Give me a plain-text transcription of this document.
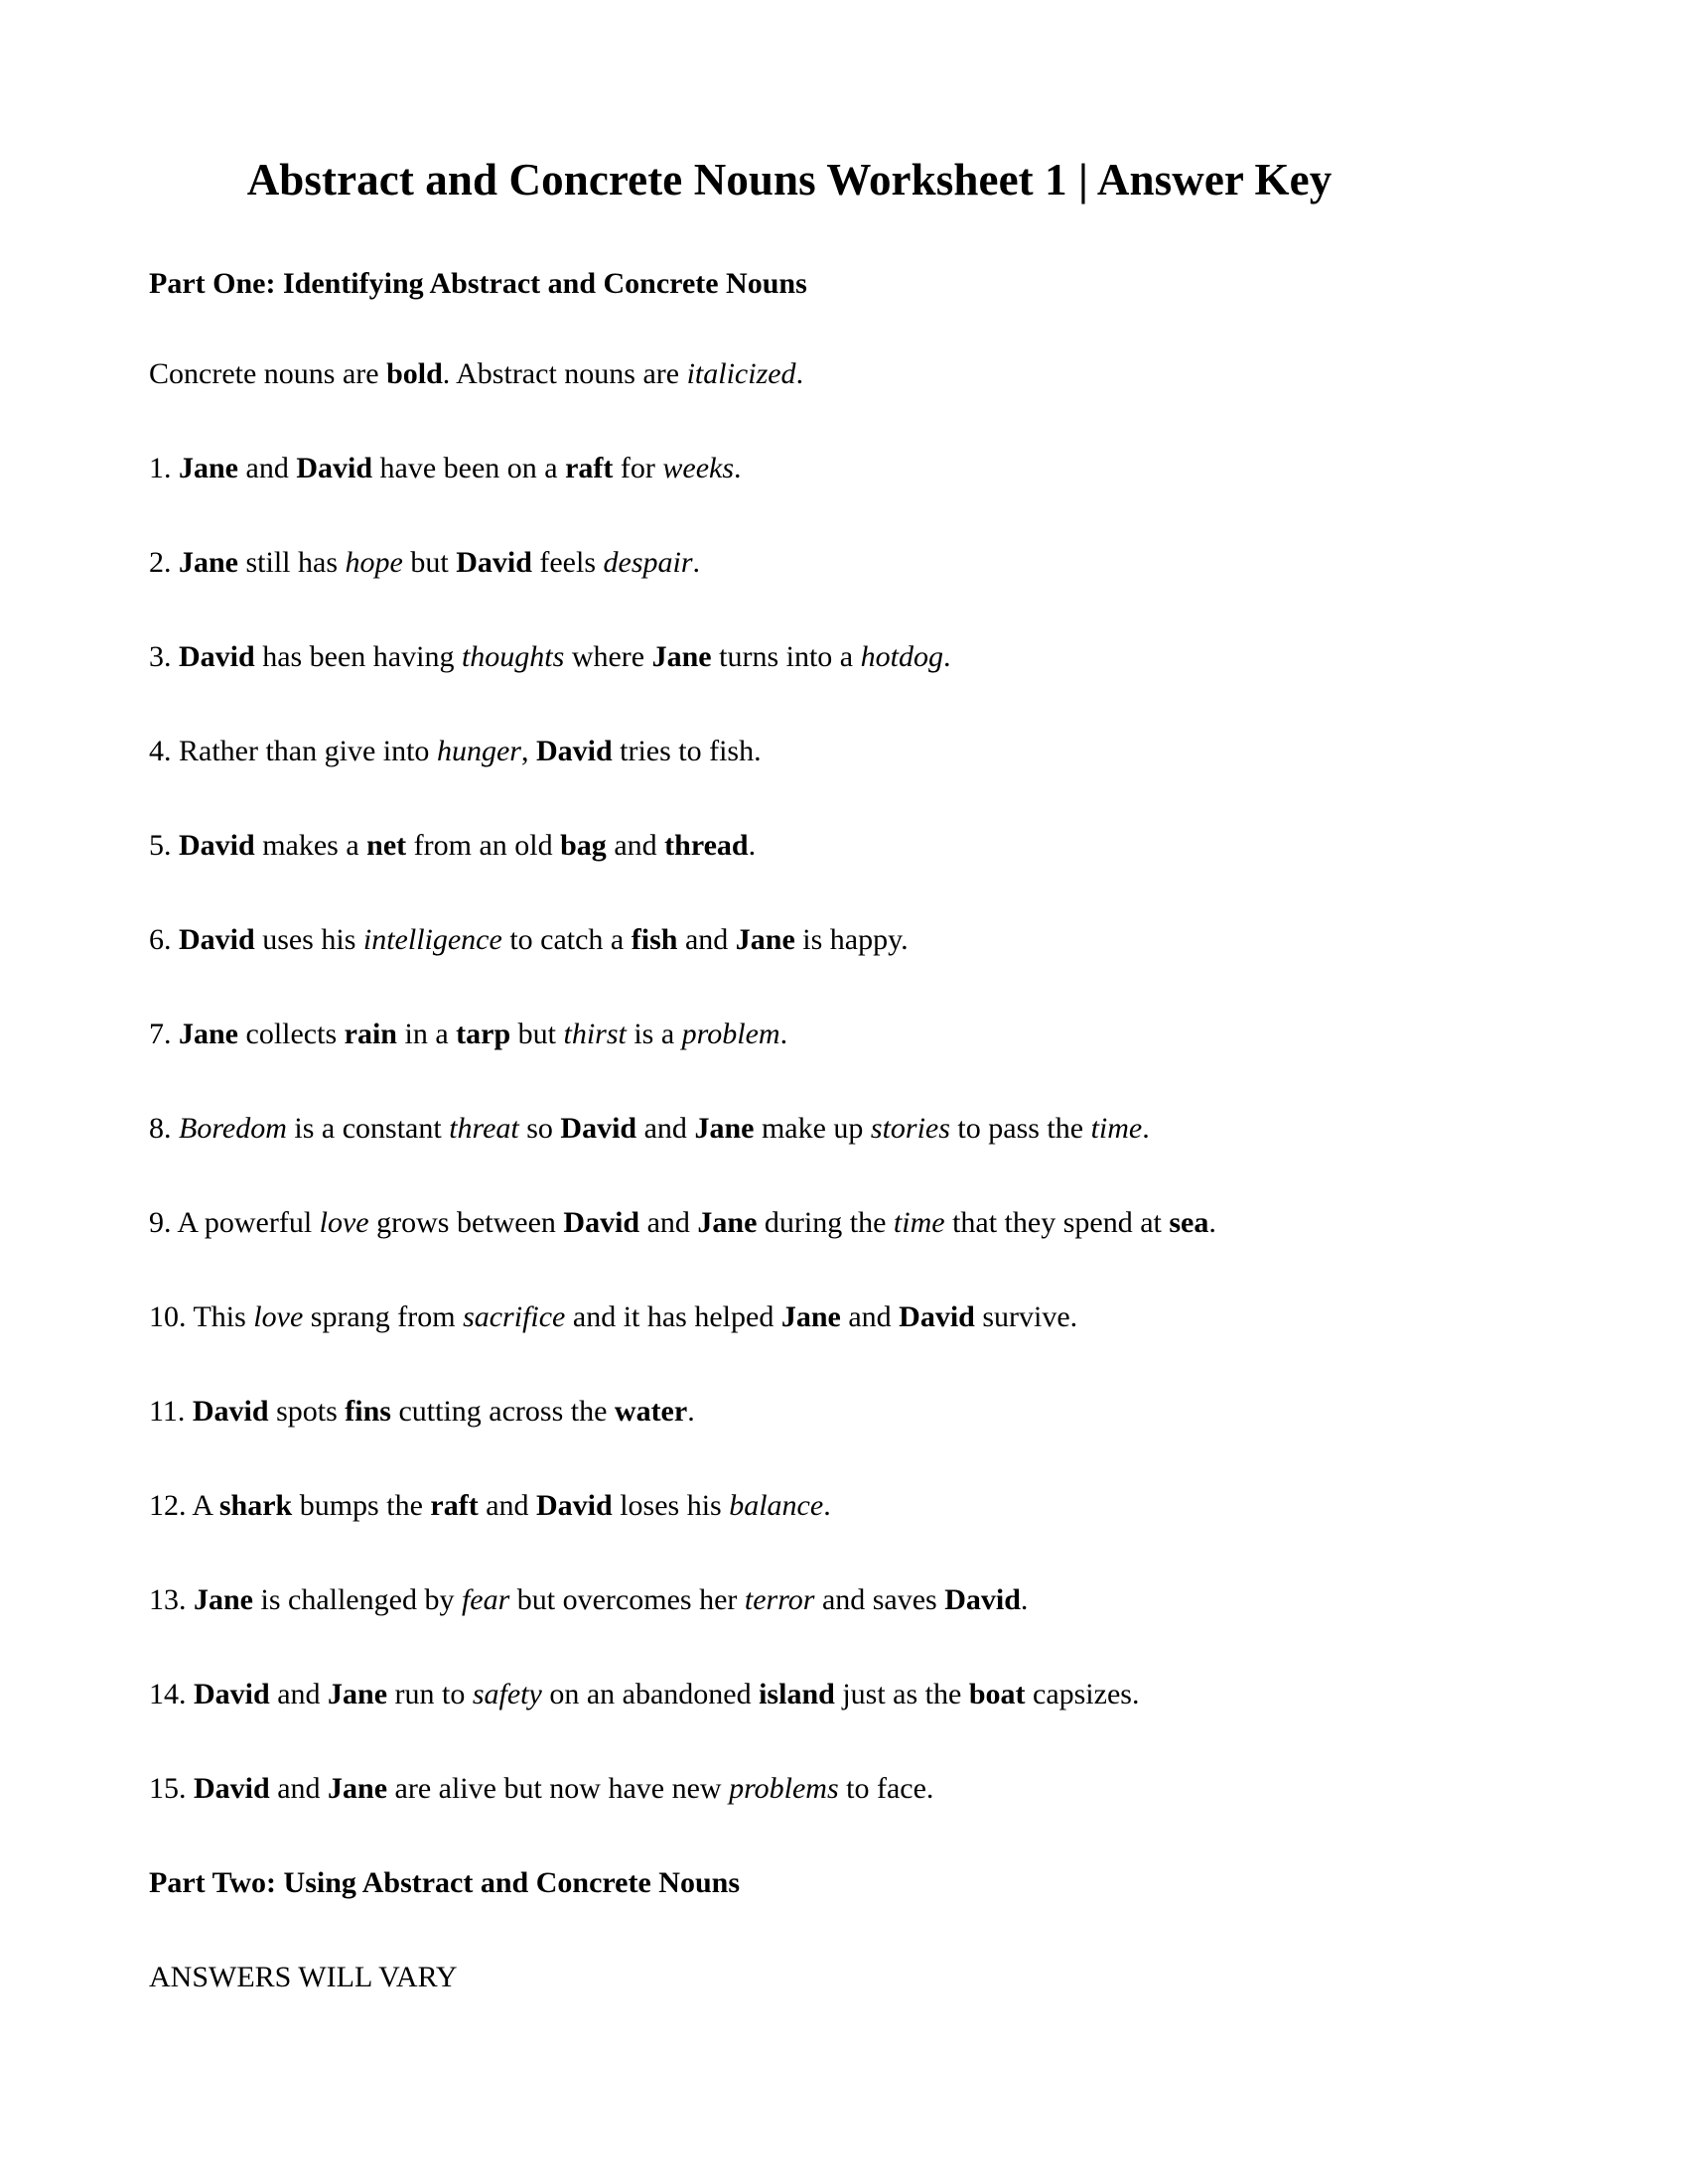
Abstract and Concrete Nouns Worksheet 1 | Answer Key
Part One: Identifying Abstract and Concrete Nouns

Concrete nouns are bold. Abstract nouns are italicized.

1. Jane and David have been on a raft for weeks.
2. Jane still has hope but David feels despair.
3. David has been having thoughts where Jane turns into a hotdog.
4. Rather than give into hunger, David tries to fish.
5. David makes a net from an old bag and thread.
6. David uses his intelligence to catch a fish and Jane is happy.
7. Jane collects rain in a tarp but thirst is a problem.
8. Boredom is a constant threat so David and Jane make up stories to pass the time.
9. A powerful love grows between David and Jane during the time that they spend at sea.
10. This love sprang from sacrifice and it has helped Jane and David survive.
11. David spots fins cutting across the water.
12. A shark bumps the raft and David loses his balance.
13. Jane is challenged by fear but overcomes her terror and saves David.
14. David and Jane run to safety on an abandoned island just as the boat capsizes.
15. David and Jane are alive but now have new problems to face.
Part Two: Using Abstract and Concrete Nouns

ANSWERS WILL VARY
